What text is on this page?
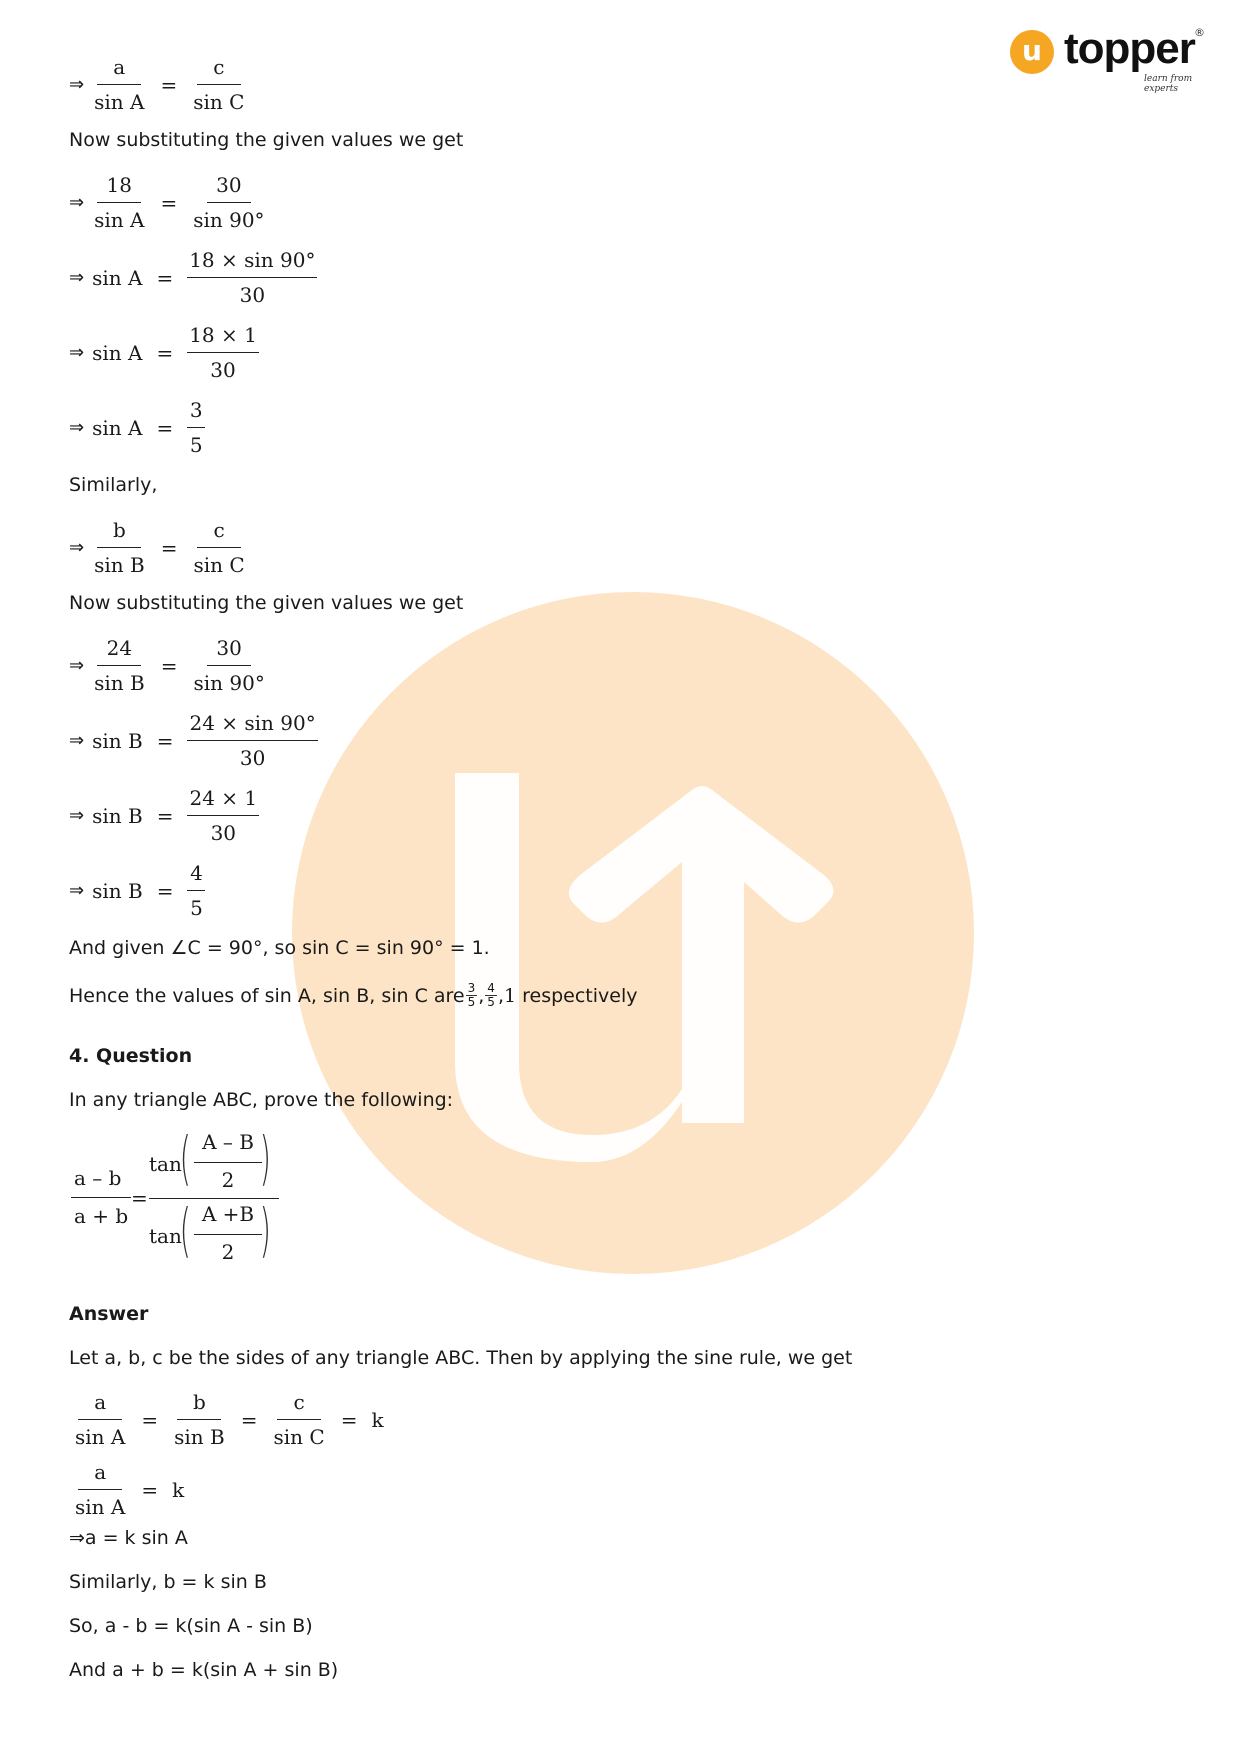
u topper ®
learn from experts
⇒ $\frac{a}{\text{sin A}} = \frac{c}{\text{sin C}}$
Now substituting the given values we get
⇒ $\frac{18}{\text{sin A}} = \frac{30}{\sin 90^\circ}$
⇒ $\sin A = \frac{18 \times \sin 90^\circ}{30}$
⇒ $\sin A = \frac{18 \times 1}{30}$
⇒ $\sin A = \frac{3}{5}$
Similarly,
⇒ $\frac{b}{\text{sin B}} = \frac{c}{\text{sin C}}$
Now substituting the given values we get
⇒ $\frac{24}{\text{sin B}} = \frac{30}{\sin 90^\circ}$
⇒ $\sin B = \frac{24 \times \sin 90^\circ}{30}$
⇒ $\sin B = \frac{24 \times 1}{30}$
⇒ $\sin B = \frac{4}{5}$
And given ∠C = 90°, so sin C = sin 90° = 1.
Hence the values of sin A, sin B, sin C are $\frac{3}{5}$ , $\frac{4}{5}$ , 1 respectively
4. Question
In any triangle ABC, prove the following:
a – b
a + b
=
tan
( A – B
2 )
tan
( A +B
2 )
Answer
Let a, b, c be the sides of any triangle ABC. Then by applying the sine rule, we get
$\frac{a}{\text{sin A}} = \frac{b}{\text{sin B}} = \frac{c}{\text{sin C}} = k$
$\frac{a}{\text{sin A}} = k$
⇒a = k sin A
Similarly, b = k sin B
So, a - b = k(sin A - sin B)
And a + b = k(sin A + sin B)
